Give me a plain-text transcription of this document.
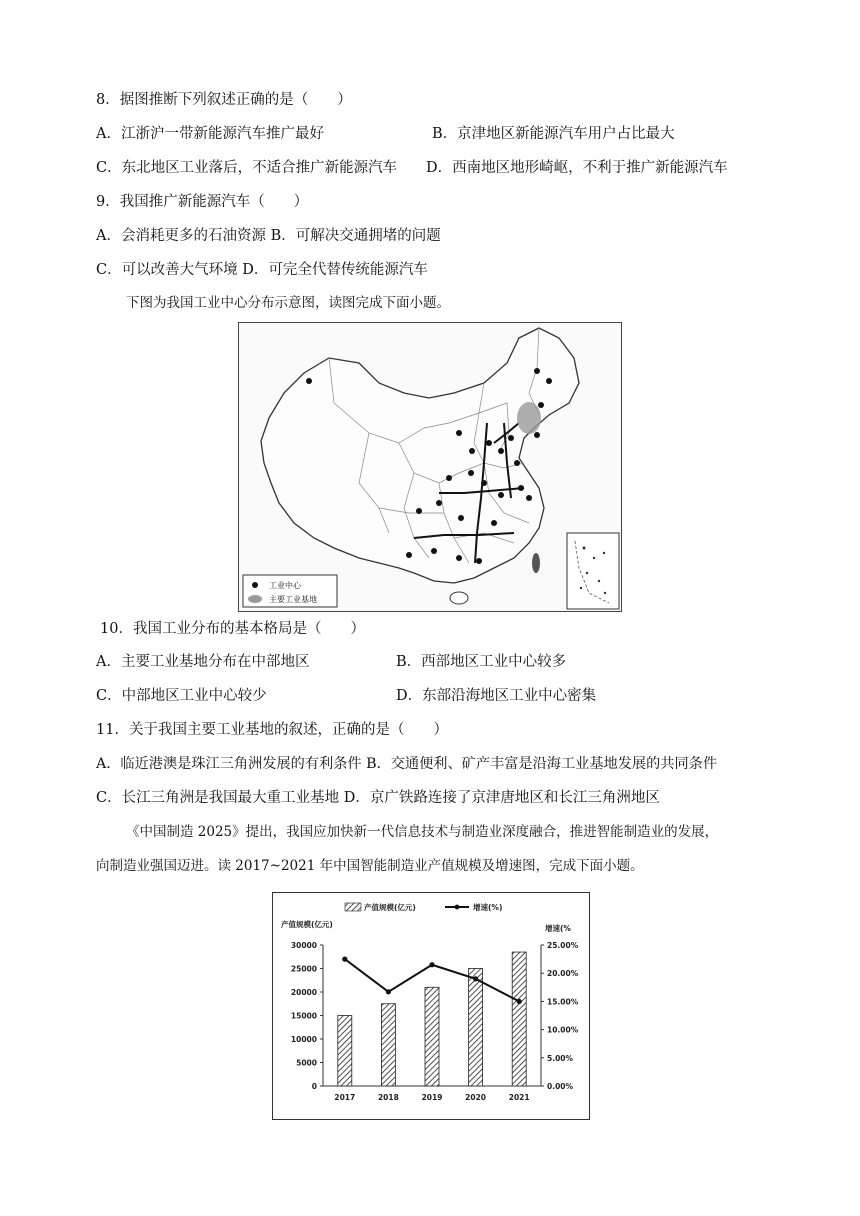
8．据图推断下列叙述正确的是（　　）
A．江浙沪一带新能源汽车推广最好	B．京津地区新能源汽车用户占比最大
C．东北地区工业落后，不适合推广新能源汽车 D．西南地区地形崎岖，不利于推广新能源汽车
9．我国推广新能源汽车（　　）
A．会消耗更多的石油资源 B．可解决交通拥堵的问题
C．可以改善大气环境 D．可完全代替传统能源汽车
下图为我国工业中心分布示意图，读图完成下面小题。
工业中心
主要工业基地
10．我国工业分布的基本格局是（　　）
A．主要工业基地分布在中部地区	B．西部地区工业中心较多
C．中部地区工业中心较少	D．东部沿海地区工业中心密集
11．关于我国主要工业基地的叙述，正确的是（　　）
A．临近港澳是珠江三角洲发展的有利条件 B．交通便利、矿产丰富是沿海工业基地发展的共同条件
C．长江三角洲是我国最大重工业基地 D．京广铁路连接了京津唐地区和长江三角洲地区
《中国制造 2025》提出，我国应加快新一代信息技术与制造业深度融合，推进智能制造业的发展，
向制造业强国迈进。读 2017~2021 年中国智能制造业产值规模及增速图，完成下面小题。
产值规模(亿元)	增速(%)
30000
25000
20000
15000
10000
5000
0
25.00%
20.00%
15.00%
10.00%
5.00%
0.00%
产值规模(亿元)	增速(%
2017	2018	2019	2020	2021
